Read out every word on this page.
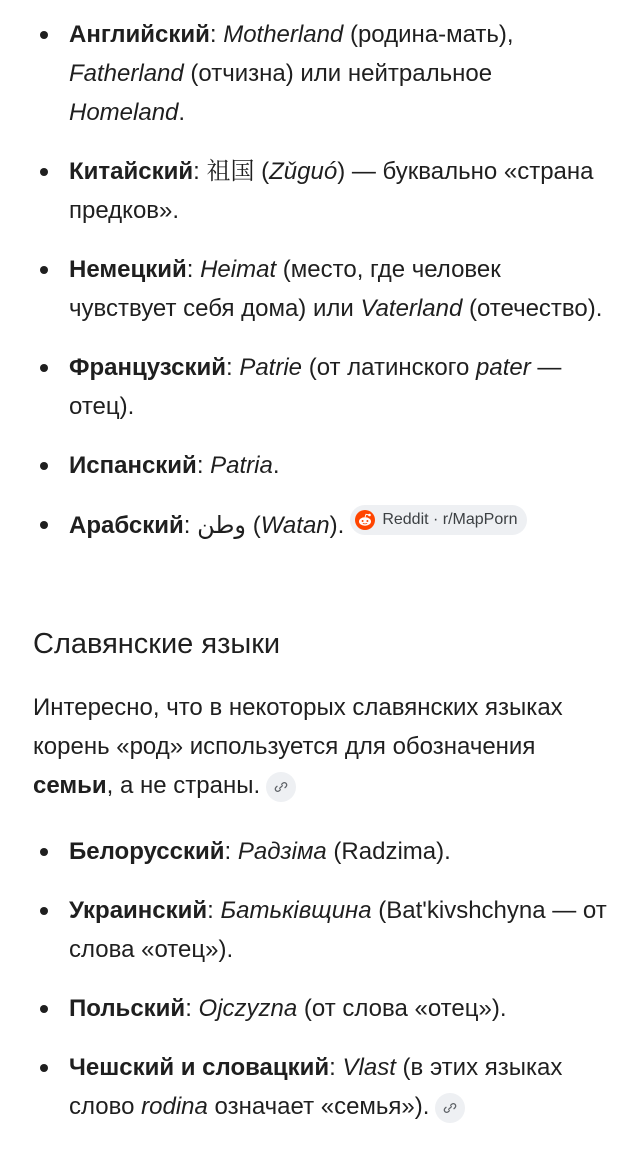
Английский: Motherland (родина-мать), Fatherland (отчизна) или нейтральное Homeland.
Китайский: 祖国 (Zǔguó) — буквально «страна предков».
Немецкий: Heimat (место, где человек чувствует себя дома) или Vaterland (отечество).
Французский: Patrie (от латинского pater — отец).
Испанский: Patria.
Арабский: وطن (Watan). Reddit · r/MapPorn
Славянские языки

Интересно, что в некоторых славянских языках корень «род» используется для обозначения семьи, а не страны.

Белорусский: Радзіма (Radzima).
Украинский: Батьківщина (Bat'kivshchyna — от слова «отец»).
Польский: Ojczyzna (от слова «отец»).
Чешский и словацкий: Vlast (в этих языках слово rodina означает «семья»).
